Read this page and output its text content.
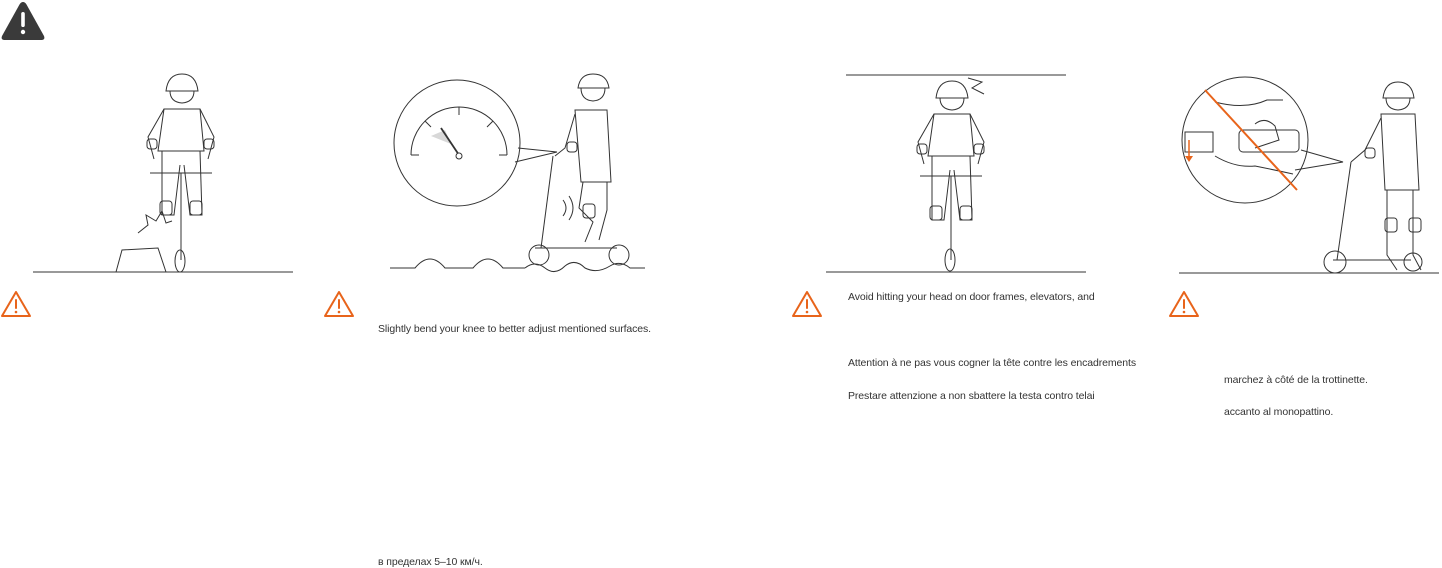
Slightly bend your knee to better adjust mentioned surfaces.
в пределах 5–10 км/ч.
Avoid hitting your head on door frames, elevators, and
Attention à ne pas vous cogner la tête contre les encadrements
Prestare attenzione a non sbattere la testa contro telai
marchez à côté de la trottinette.
accanto al monopattino.
